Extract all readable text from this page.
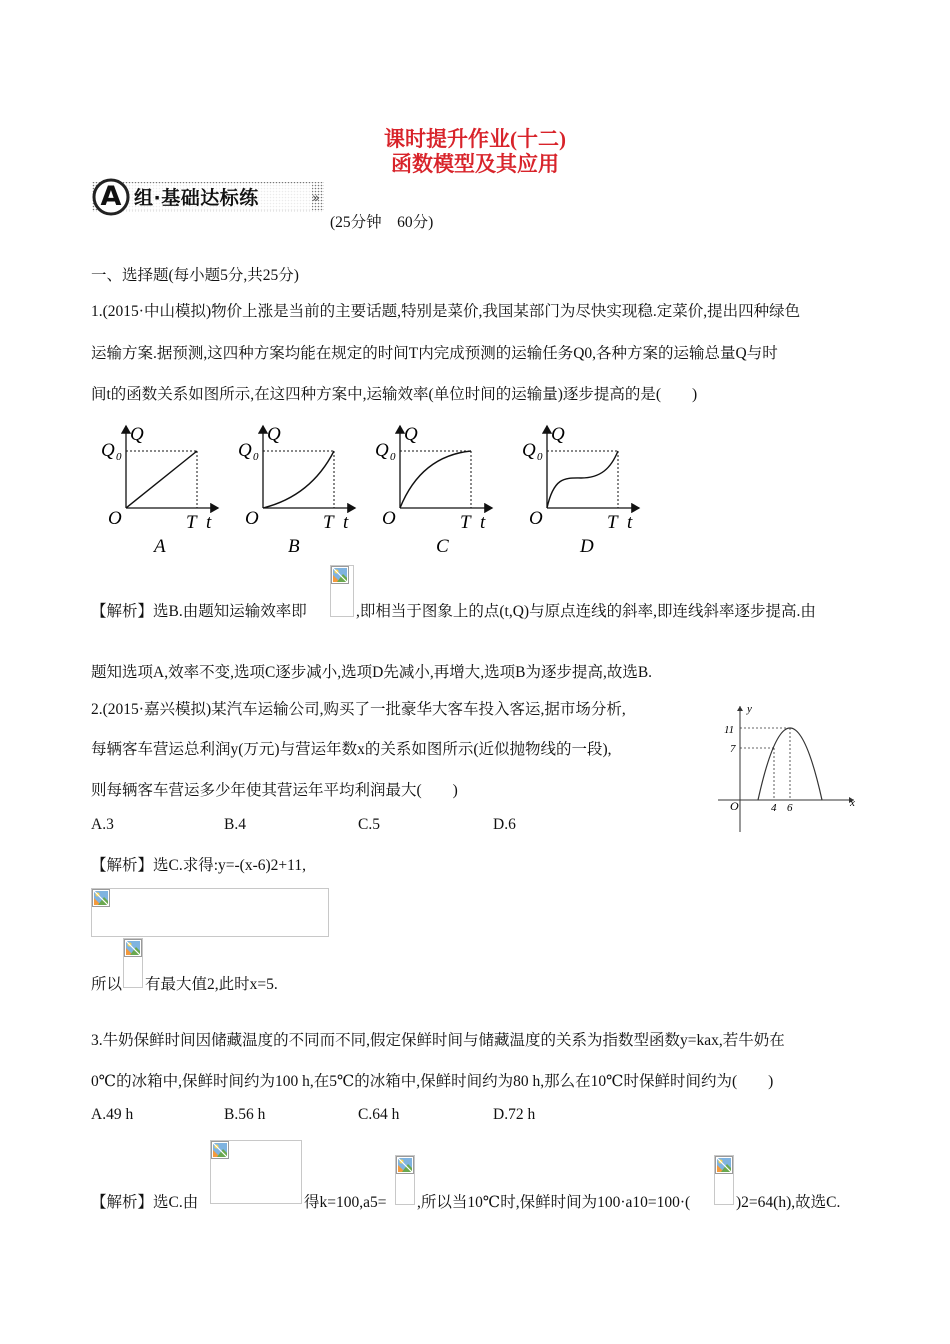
课时提升作业(十二)
函数模型及其应用
»
A 组·基础达标练
(25分钟　60分)
一、选择题(每小题5分,共25分)
1.(2015·中山模拟)物价上涨是当前的主要话题,特别是菜价,我国某部门为尽快实现稳.定菜价,提出四种绿色
运输方案.据预测,这四种方案均能在规定的时间T内完成预测的运输任务Q0,各种方案的运输总量Q与时
间t的函数关系如图所示,在这四种方案中,运输效率(单位时间的运输量)逐步提高的是(　　)
Q
Q 0
O	T t
Q
Q 0
O	T t
Q
Q 0
O	T t
Q
Q 0
O	T t
A	B	C	D
【解析】选B.由题知运输效率即	,即相当于图象上的点(t,Q)与原点连线的斜率,即连线斜率逐步提高.由
题知选项A,效率不变,选项C逐步减小,选项D先减小,再增大,选项B为逐步提高,故选B.
2.(2015·嘉兴模拟)某汽车运输公司,购买了一批豪华大客车投入客运,据市场分析,
每辆客车营运总利润y(万元)与营运年数x的关系如图所示(近似抛物线的一段),
则每辆客车营运多少年使其营运年平均利润最大(　　)
A.3	B.4	C.5	D.6
y
x
O
11
7
4 6
【解析】选C.求得:y=-(x-6)2+11,
所以 有最大值2,此时x=5.
3.牛奶保鲜时间因储藏温度的不同而不同,假定保鲜时间与储藏温度的关系为指数型函数y=kax,若牛奶在
0℃的冰箱中,保鲜时间约为100 h,在5℃的冰箱中,保鲜时间约为80 h,那么在10℃时保鲜时间约为(　　)
A.49 h	B.56 h	C.64 h	D.72 h
【解析】选C.由	得k=100,a5= ,所以当10℃时,保鲜时间为100·a10=100·(	)2=64(h),故选C.
